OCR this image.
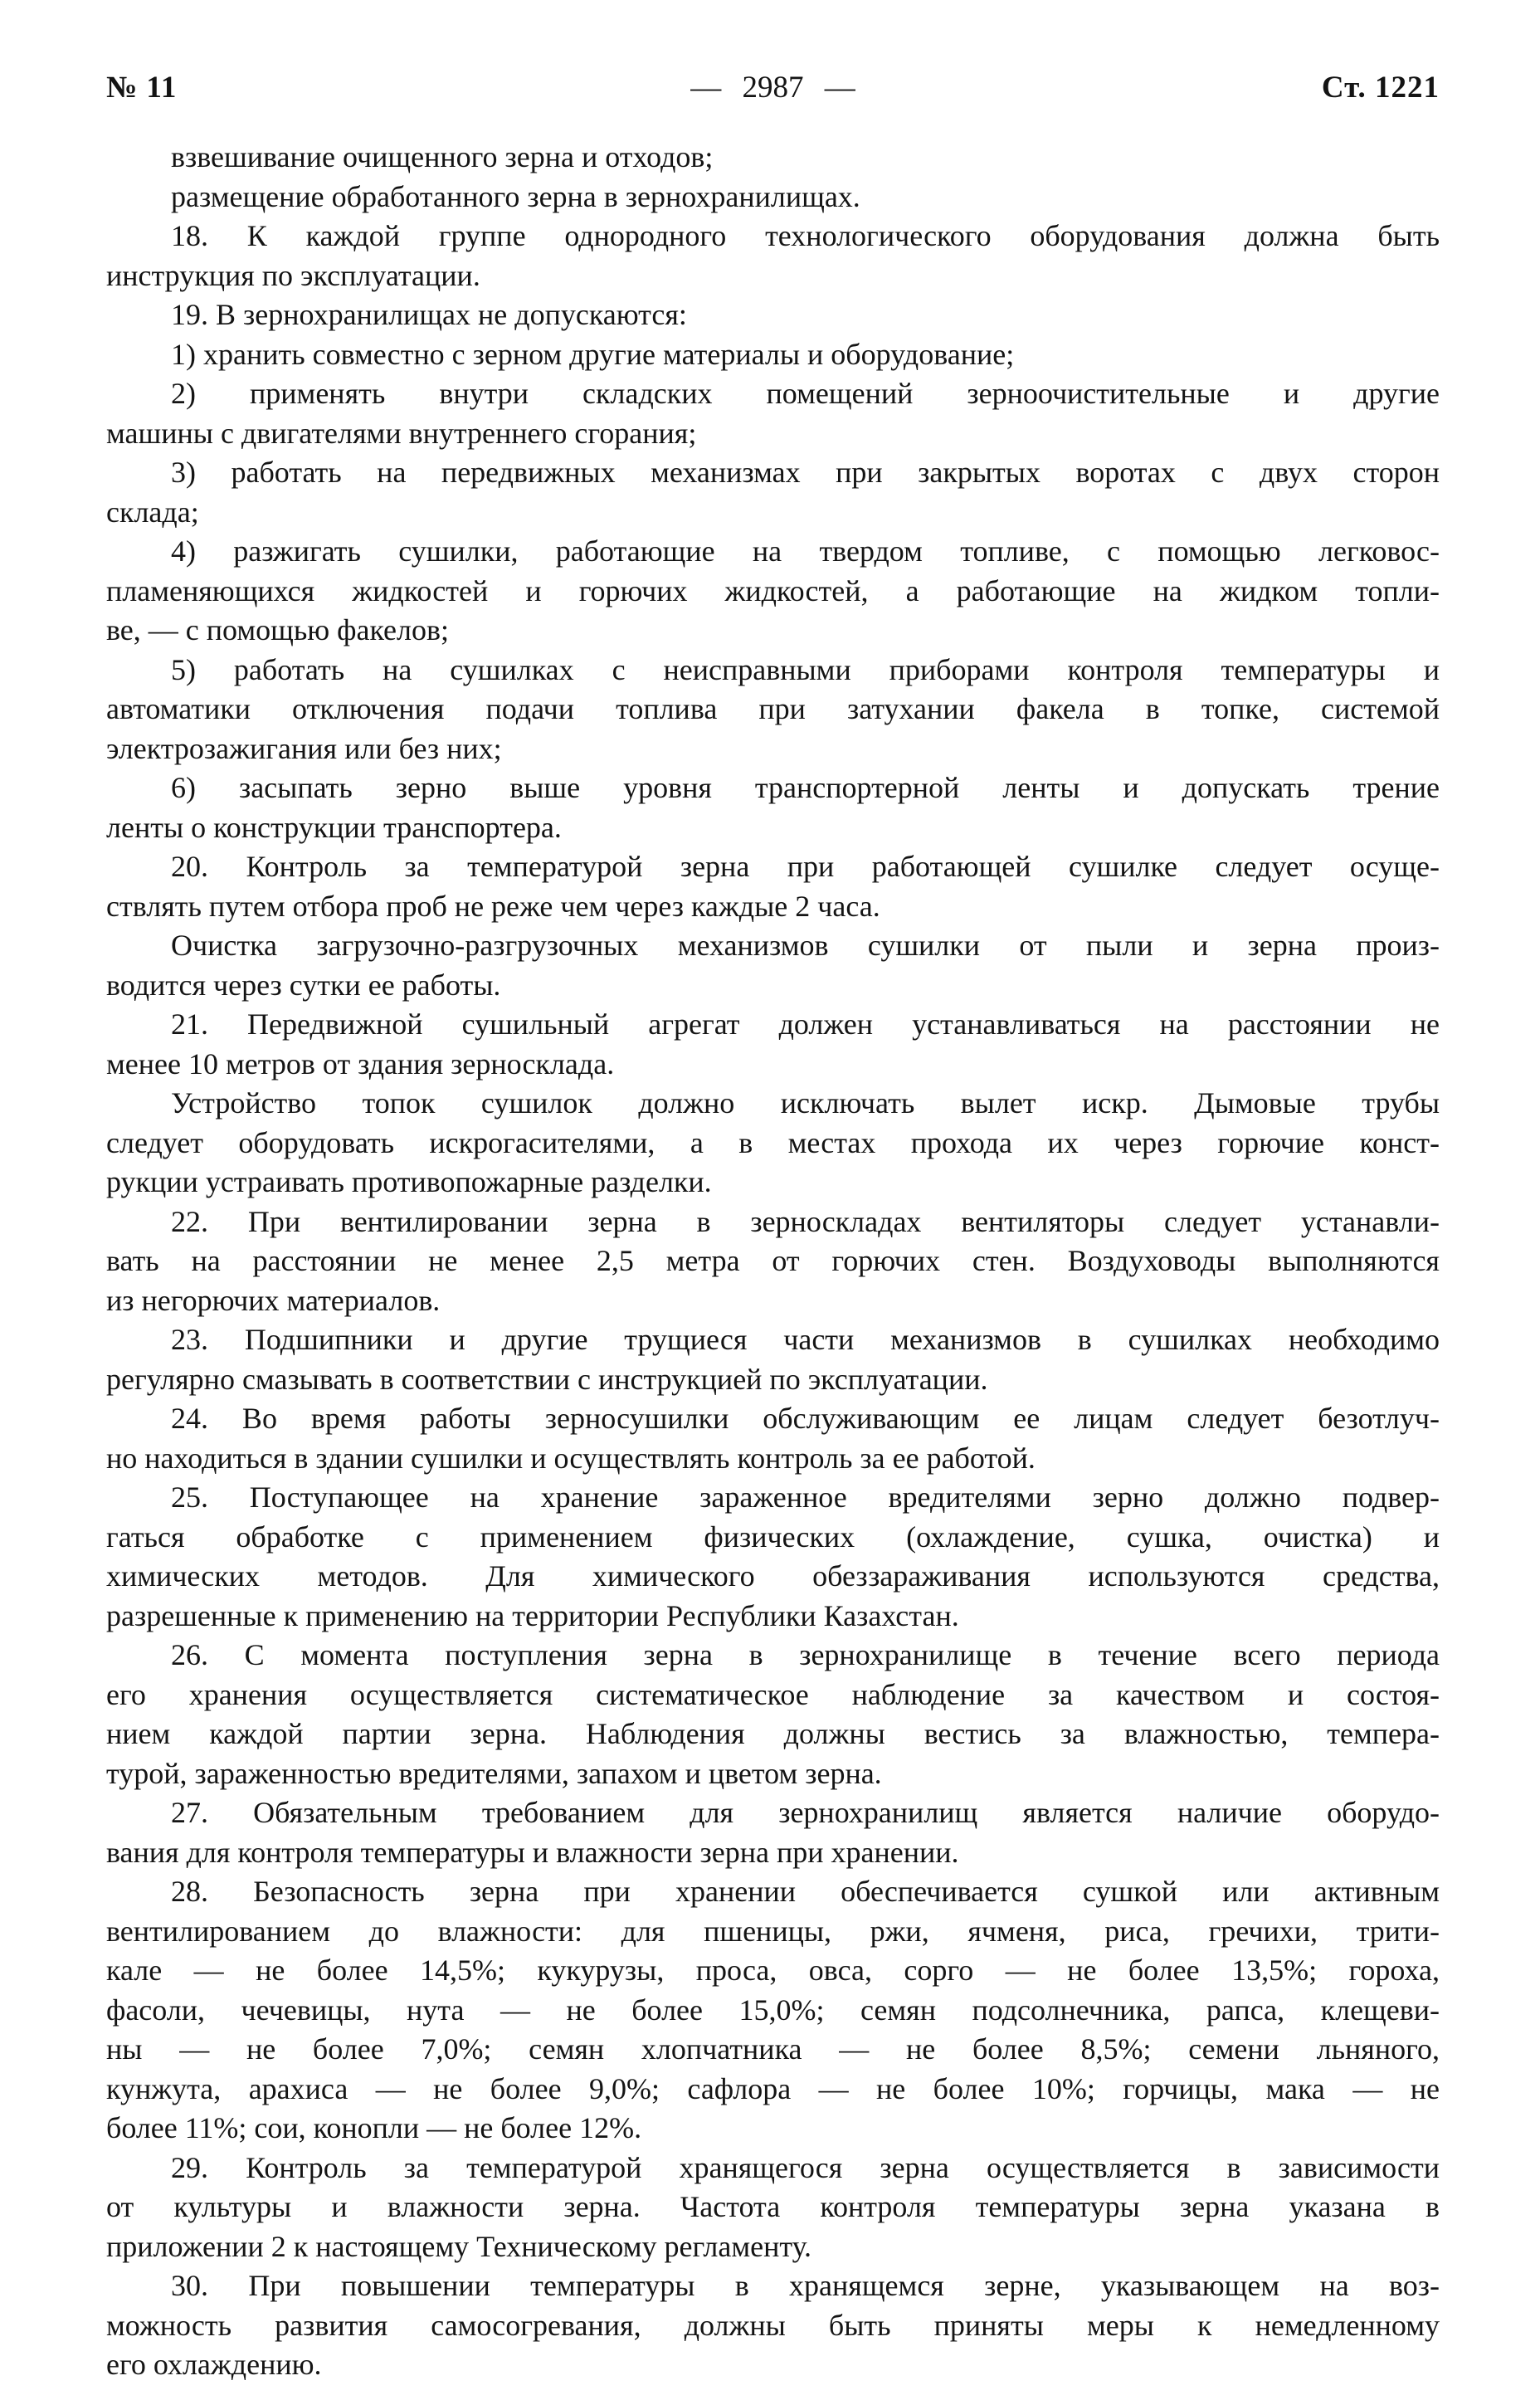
№ 11	— 2987 —	Ст. 1221
взвешивание очищенного зерна и отходов;
размещение обработанного зерна в зернохранилищах.
18. К каждой группе однородного технологического оборудования должна быть
инструкция по эксплуатации.
19. В зернохранилищах не допускаются:
1) хранить совместно с зерном другие материалы и оборудование;
2) применять внутри складских помещений зерноочистительные и другие
машины с двигателями внутреннего сгорания;
3) работать на передвижных механизмах при закрытых воротах с двух сторон
склада;
4) разжигать сушилки, работающие на твердом топливе, с помощью легковос-
пламеняющихся жидкостей и горючих жидкостей, а работающие на жидком топли-
ве, — с помощью факелов;
5) работать на сушилках с неисправными приборами контроля температуры и
автоматики отключения подачи топлива при затухании факела в топке, системой
электрозажигания или без них;
6) засыпать зерно выше уровня транспортерной ленты и допускать трение
ленты о конструкции транспортера.
20. Контроль за температурой зерна при работающей сушилке следует осуще-
ствлять путем отбора проб не реже чем через каждые 2 часа.
Очистка загрузочно-разгрузочных механизмов сушилки от пыли и зерна произ-
водится через сутки ее работы.
21. Передвижной сушильный агрегат должен устанавливаться на расстоянии не
менее 10 метров от здания зерносклада.
Устройство топок сушилок должно исключать вылет искр. Дымовые трубы
следует оборудовать искрогасителями, а в местах прохода их через горючие конст-
рукции устраивать противопожарные разделки.
22. При вентилировании зерна в зерноскладах вентиляторы следует устанавли-
вать на расстоянии не менее 2,5 метра от горючих стен. Воздуховоды выполняются
из негорючих материалов.
23. Подшипники и другие трущиеся части механизмов в сушилках необходимо
регулярно смазывать в соответствии с инструкцией по эксплуатации.
24. Во время работы зерносушилки обслуживающим ее лицам следует безотлуч-
но находиться в здании сушилки и осуществлять контроль за ее работой.
25. Поступающее на хранение зараженное вредителями зерно должно подвер-
гаться обработке с применением физических (охлаждение, сушка, очистка) и
химических методов. Для химического обеззараживания используются средства,
разрешенные к применению на территории Республики Казахстан.
26. С момента поступления зерна в зернохранилище в течение всего периода
его хранения осуществляется систематическое наблюдение за качеством и состоя-
нием каждой партии зерна. Наблюдения должны вестись за влажностью, темпера-
турой, зараженностью вредителями, запахом и цветом зерна.
27. Обязательным требованием для зернохранилищ является наличие оборудо-
вания для контроля температуры и влажности зерна при хранении.
28. Безопасность зерна при хранении обеспечивается сушкой или активным
вентилированием до влажности: для пшеницы, ржи, ячменя, риса, гречихи, трити-
кале — не более 14,5%; кукурузы, проса, овса, сорго — не более 13,5%; гороха,
фасоли, чечевицы, нута — не более 15,0%; семян подсолнечника, рапса, клещеви-
ны — не более 7,0%; семян хлопчатника — не более 8,5%; семени льняного,
кунжута, арахиса — не более 9,0%; сафлора — не более 10%; горчицы, мака — не
более 11%; сои, конопли — не более 12%.
29. Контроль за температурой хранящегося зерна осуществляется в зависимости
от культуры и влажности зерна. Частота контроля температуры зерна указана в
приложении 2 к настоящему Техническому регламенту.
30. При повышении температуры в хранящемся зерне, указывающем на воз-
можность развития самосогревания, должны быть приняты меры к немедленному
его охлаждению.
